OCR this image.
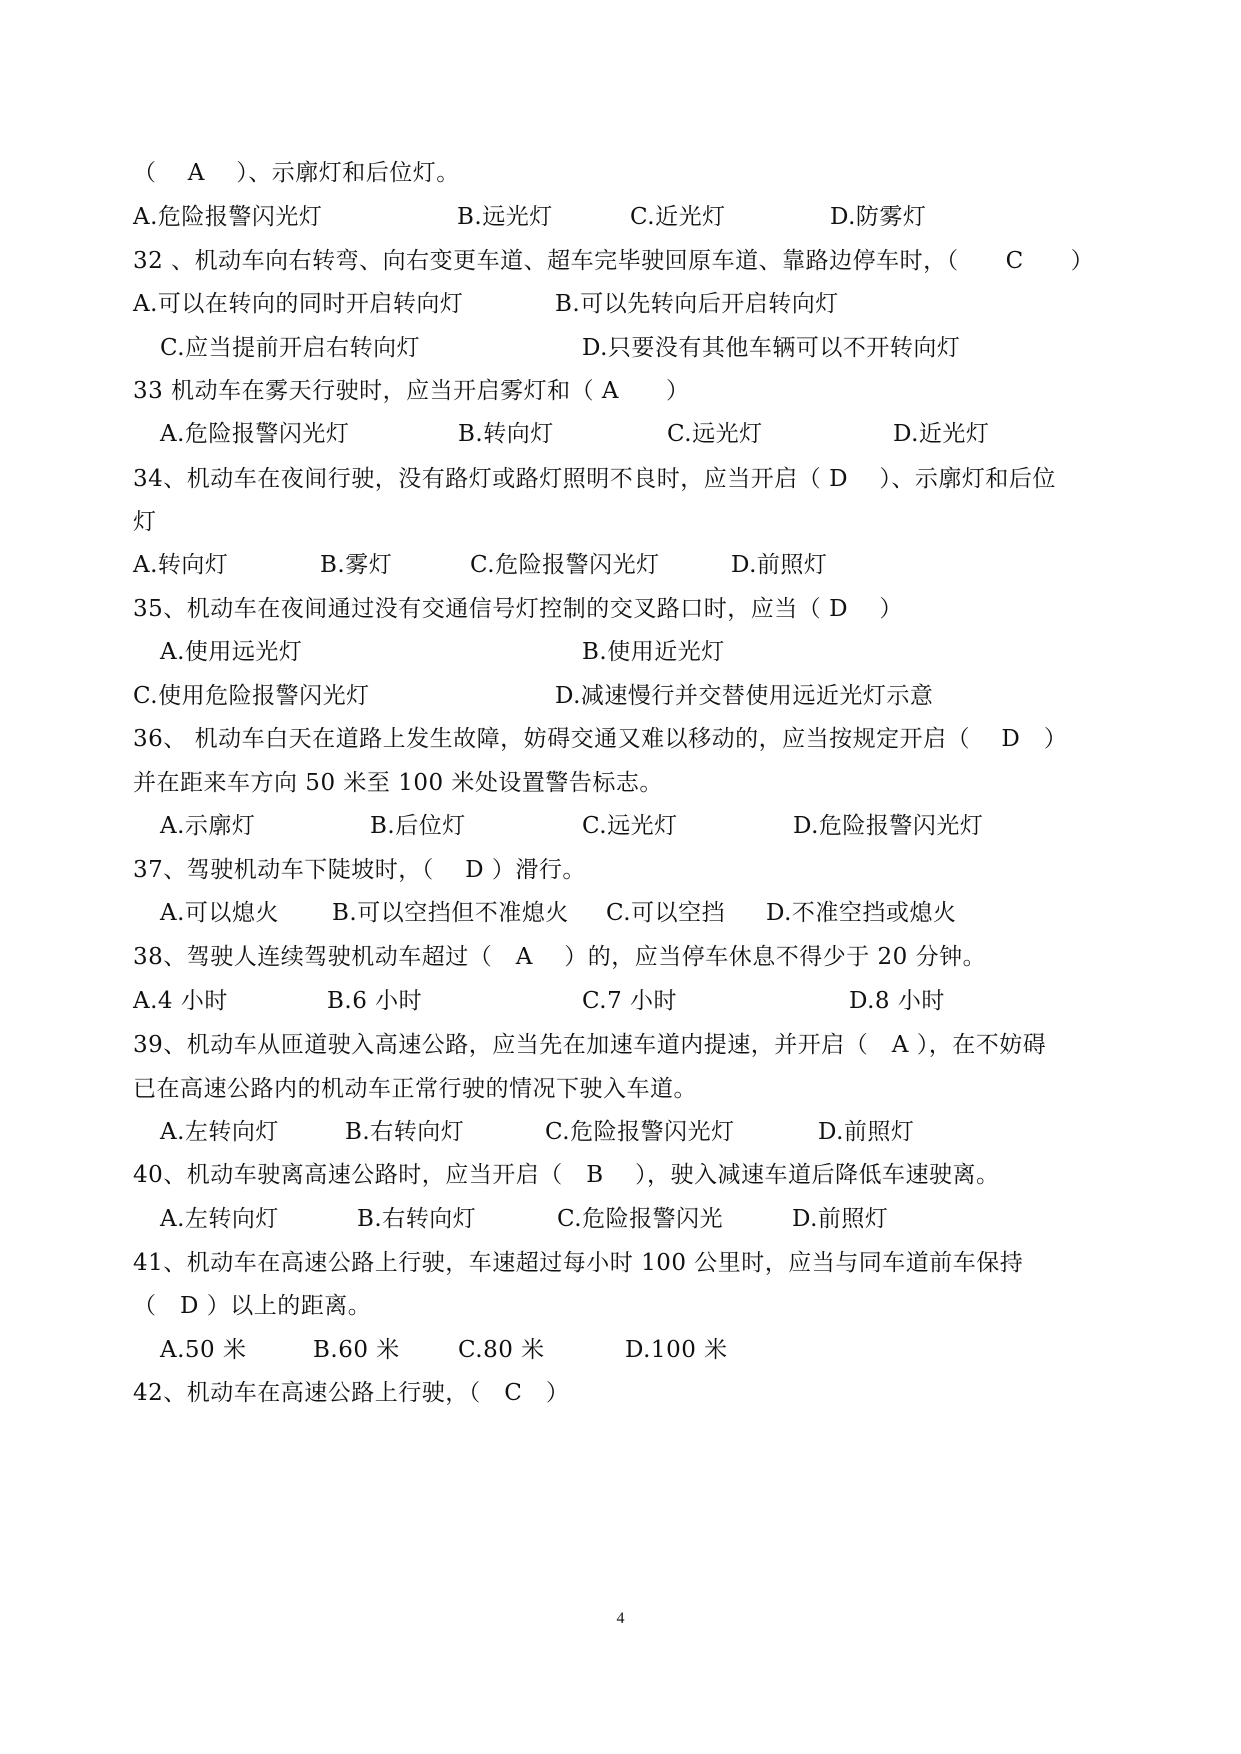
（　 A　 ）、示廓灯和后位灯。
A.危险报警闪光灯	B.远光灯	C.近光灯	D.防雾灯
32 、机动车向右转弯、向右变更车道、超车完毕驶回原车道、靠路边停车时，（　　C　　）
A.可以在转向的同时开启转向灯	B.可以先转向后开启转向灯
C.应当提前开启右转向灯	D.只要没有其他车辆可以不开转向灯
33 机动车在雾天行驶时，应当开启雾灯和（ A　　）
A.危险报警闪光灯	B.转向灯	C.远光灯	D.近光灯
34、机动车在夜间行驶，没有路灯或路灯照明不良时，应当开启（ D　 ）、示廓灯和后位
灯
A.转向灯	B.雾灯	C.危险报警闪光灯	D.前照灯
35、机动车在夜间通过没有交通信号灯控制的交叉路口时，应当（ D　 ）
A.使用远光灯	B.使用近光灯
C.使用危险报警闪光灯	D.减速慢行并交替使用远近光灯示意
36、 机动车白天在道路上发生故障，妨碍交通又难以移动的，应当按规定开启（　 D　）
并在距来车方向 50 米至 100 米处设置警告标志。
A.示廓灯	B.后位灯	C.远光灯	D.危险报警闪光灯
37、驾驶机动车下陡坡时，（　 D ）滑行。
A.可以熄火 B.可以空挡但不准熄火 C.可以空挡 D.不准空挡或熄火
38、驾驶人连续驾驶机动车超过（　A　 ）的，应当停车休息不得少于 20 分钟。
A.4 小时	B.6 小时	C.7 小时	D.8 小时
39、机动车从匝道驶入高速公路，应当先在加速车道内提速，并开启（　A ），在不妨碍
已在高速公路内的机动车正常行驶的情况下驶入车道。
A.左转向灯	B.右转向灯	C.危险报警闪光灯	D.前照灯
40、机动车驶离高速公路时，应当开启（　B　 ），驶入减速车道后降低车速驶离。
A.左转向灯	B.右转向灯	C.危险报警闪光	D.前照灯
41、机动车在高速公路上行驶，车速超过每小时 100 公里时，应当与同车道前车保持
（　D ）以上的距离。
A.50 米	B.60 米	C.80 米	D.100 米
42、机动车在高速公路上行驶，（　C　）
4
